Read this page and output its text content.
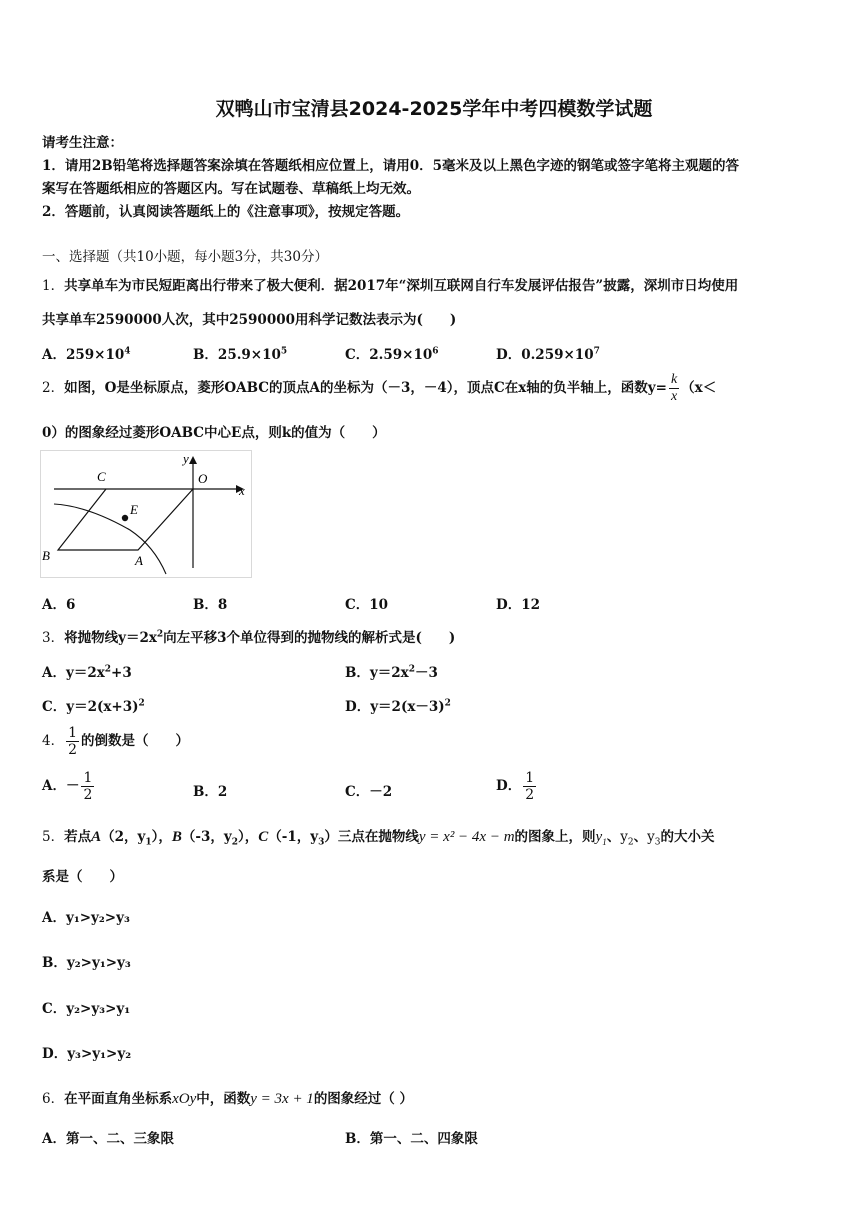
双鸭山市宝清县2024-2025学年中考四模数学试题
请考生注意：
1．请用2B铅笔将选择题答案涂填在答题纸相应位置上，请用0．5毫米及以上黑色字迹的钢笔或签字笔将主观题的答
案写在答题纸相应的答题区内。写在试题卷、草稿纸上均无效。
2．答题前，认真阅读答题纸上的《注意事项》，按规定答题。
一、选择题（共10小题，每小题3分，共30分）
1．共享单车为市民短距离出行带来了极大便利．据2017年“深圳互联网自行车发展评估报告”披露，深圳市日均使用
共享单车2590000人次，其中2590000用科学记数法表示为(　　)
A．$259\times 10^4$	B．$25.9\times 10^5$	C．$2.59\times 10^6$	D．$0.259\times 10^7$
2．如图，O是坐标原点，菱形OABC的顶点A的坐标为（－3，－4），顶点C在x轴的负半轴上，函数$y= \frac{k}{x} (x<$
0）的图象经过菱形OABC中心E点，则k的值为（　　）
y
x
O
C
E
B	A
A．6	B．8	C．10	D．12
3．将抛物线$y=2x^2$向左平移3个单位得到的抛物线的解析式是(　　)
A．$y=2x^2+3$	B．$y=2x^2-3$
C．$y=2(x+3)^2$	D．$y=2(x-3)^2$
4． $\frac{1}{2}$ 的倒数是（　　）
A．－ $\frac{1}{2}$	B．2	C．－2	D． $\frac{1}{2}$
5．若点A（2，$y_1$），B（-3，$y_2$），C（-1，$y_3$）三点在抛物线y = x² − 4x − m的图象上，则$y_1$、$y_2$、$y_3$的大小关
系是（　　）
A．y₁>y₂>y₃
B．y₂>y₁>y₃
C．y₂>y₃>y₁
D．y₃>y₁>y₂
6．在平面直角坐标系xOy中，函数y = 3x + 1的图象经过（ ）
A．第一、二、三象限	B．第一、二、四象限
